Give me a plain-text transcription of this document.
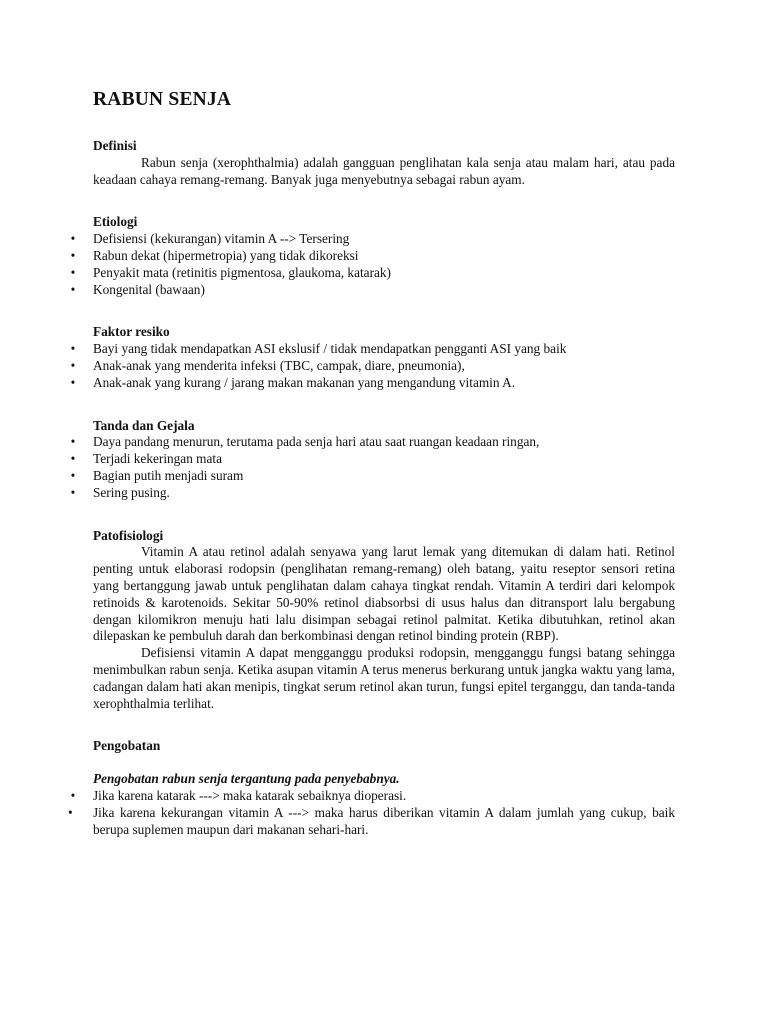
RABUN SENJA
Definisi

Rabun senja (xerophthalmia) adalah gangguan penglihatan kala senja atau malam hari, atau pada keadaan cahaya remang-remang. Banyak juga menyebutnya sebagai rabun ayam.

Etiologi
• Defisiensi (kekurangan) vitamin A --> Tersering
• Rabun dekat (hipermetropia) yang tidak dikoreksi
• Penyakit mata (retinitis pigmentosa, glaukoma, katarak)
• Kongenital (bawaan)
Faktor resiko
• Bayi yang tidak mendapatkan ASI ekslusif / tidak mendapatkan pengganti ASI yang baik
• Anak-anak yang menderita infeksi (TBC, campak, diare, pneumonia),
• Anak-anak yang kurang / jarang makan makanan yang mengandung vitamin A.
Tanda dan Gejala
• Daya pandang menurun, terutama pada senja hari atau saat ruangan keadaan ringan,
• Terjadi kekeringan mata
• Bagian putih menjadi suram
• Sering pusing.
Patofisiologi

Vitamin A atau retinol adalah senyawa yang larut lemak yang ditemukan di dalam hati. Retinol penting untuk elaborasi rodopsin (penglihatan remang-remang) oleh batang, yaitu reseptor sensori retina yang bertanggung jawab untuk penglihatan dalam cahaya tingkat rendah. Vitamin A terdiri dari kelompok retinoids & karotenoids. Sekitar 50-90% retinol diabsorbsi di usus halus dan ditransport lalu bergabung dengan kilomikron menuju hati lalu disimpan sebagai retinol palmitat. Ketika dibutuhkan, retinol akan dilepaskan ke pembuluh darah dan berkombinasi dengan retinol binding protein (RBP).

Defisiensi vitamin A dapat mengganggu produksi rodopsin, mengganggu fungsi batang sehingga menimbulkan rabun senja. Ketika asupan vitamin A terus menerus berkurang untuk jangka waktu yang lama, cadangan dalam hati akan menipis, tingkat serum retinol akan turun, fungsi epitel terganggu, dan tanda-tanda xerophthalmia terlihat.

Pengobatan
Pengobatan rabun senja tergantung pada penyebabnya.
• Jika karena katarak ---> maka katarak sebaiknya dioperasi.
•	Jika karena kekurangan vitamin A ---> maka harus diberikan vitamin A dalam jumlah yang cukup, baik berupa suplemen maupun dari makanan sehari-hari.
